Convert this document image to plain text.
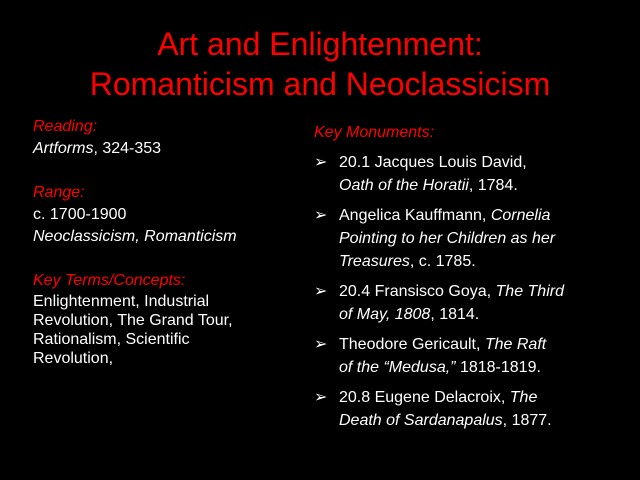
Art and Enlightenment:
Romanticism and Neoclassicism
Reading:
Artforms, 324-353
Range:
c. 1700-1900
Neoclassicism, Romanticism
Key Terms/Concepts:
Enlightenment, Industrial
Revolution, The Grand Tour,
Rationalism, Scientific
Revolution,
Key Monuments:
➢ 20.1 Jacques Louis David,
Oath of the Horatii, 1784.
➢ Angelica Kauffmann, Cornelia
Pointing to her Children as her
Treasures, c. 1785.
➢ 20.4 Fransisco Goya, The Third
of May, 1808, 1814.
➢ Theodore Gericault, The Raft
of the “Medusa,” 1818-1819.
➢ 20.8 Eugene Delacroix, The
Death of Sardanapalus, 1877.
